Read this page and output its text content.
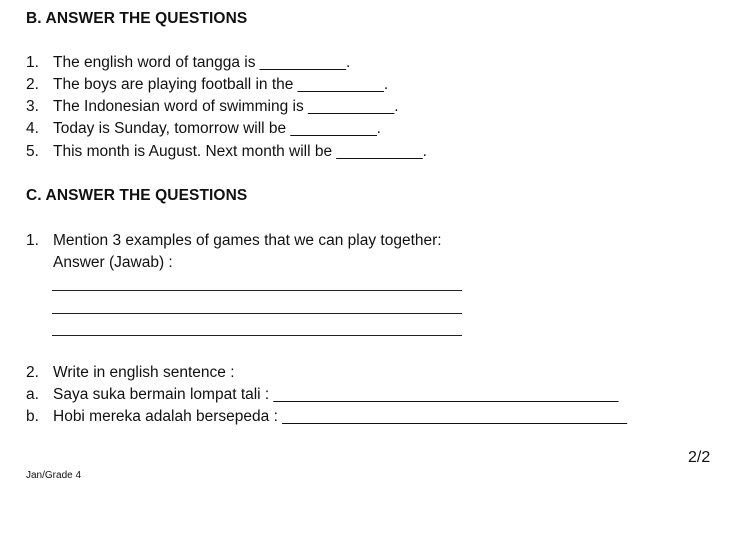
B. ANSWER THE QUESTIONS
1. The english word of tangga is __________.
2. The boys are playing football in the __________.
3. The Indonesian word of swimming is __________.
4. Today is Sunday, tomorrow will be __________.
5. This month is August. Next month will be __________.
C. ANSWER THE QUESTIONS
1. Mention 3 examples of games that we can play together:
Answer (Jawab) :
2. Write in english sentence :
a. Saya suka bermain lompat tali : ________________________________________
b. Hobi mereka adalah bersepeda : ________________________________________
2/2
Jan/Grade 4
